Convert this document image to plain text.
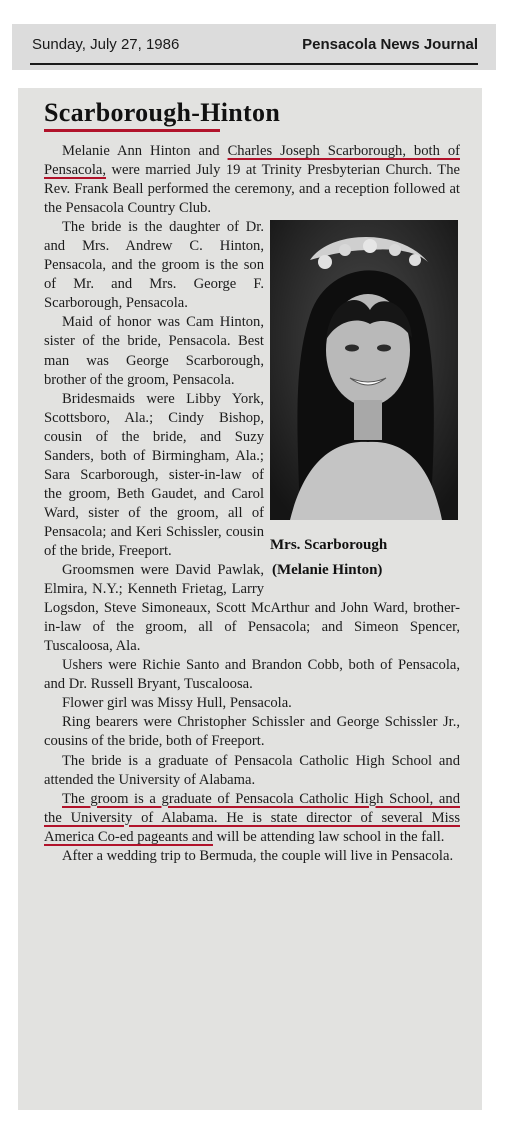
Sunday, July 27, 1986	Pensacola News Journal
Scarborough-Hinton

Melanie Ann Hinton and Charles Joseph Scarborough, both of Pensacola, were married July 19 at Trinity Presbyterian Church. The Rev. Frank Beall performed the ceremony, and a reception followed at the Pensacola Country Club.

Mrs. Scarborough
(Melanie Hinton)

The bride is the daughter of Dr. and Mrs. Andrew C. Hinton, Pensacola, and the groom is the son of Mr. and Mrs. George F. Scarborough, Pensacola.

Maid of honor was Cam Hinton, sister of the bride, Pensacola. Best man was George Scarborough, brother of the groom, Pensacola.

Bridesmaids were Libby York, Scottsboro, Ala.; Cindy Bishop, cousin of the bride, and Suzy Sanders, both of Birmingham, Ala.; Sara Scarborough, sister-in-law of the groom, Beth Gaudet, and Carol Ward, sister of the groom, all of Pensacola; and Keri Schissler, cousin of the bride, Freeport.

Groomsmen were David Pawlak, Elmira, N.Y.; Kenneth Frietag, Larry Logsdon, Steve Simoneaux, Scott McArthur and John Ward, brother-in-law of the groom, all of Pensacola; and Simeon Spencer, Tuscaloosa, Ala.

Ushers were Richie Santo and Brandon Cobb, both of Pensacola, and Dr. Russell Bryant, Tuscaloosa.

Flower girl was Missy Hull, Pensacola.

Ring bearers were Christopher Schissler and George Schissler Jr., cousins of the bride, both of Freeport.

The bride is a graduate of Pensacola Catholic High School and attended the University of Alabama.

The groom is a graduate of Pensacola Catholic High School, and the University of Alabama. He is state director of several Miss America Co-ed pageants and will be attending law school in the fall.

After a wedding trip to Bermuda, the couple will live in Pensacola.
